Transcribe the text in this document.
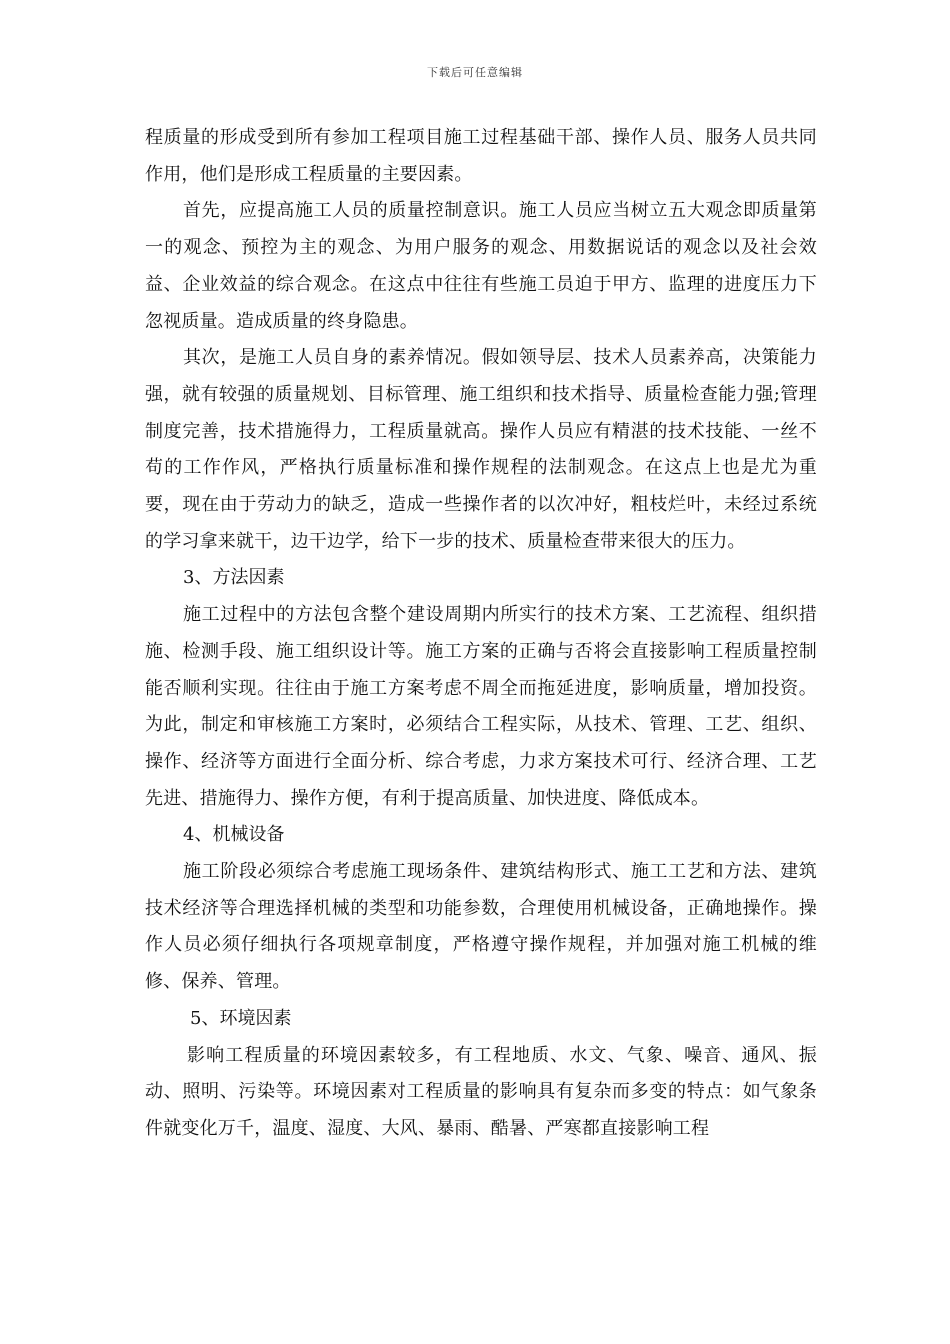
下载后可任意编辑

程质量的形成受到所有参加工程项目施工过程基础干部、操作人员、服务人员共同作用，他们是形成工程质量的主要因素。

首先，应提高施工人员的质量控制意识。施工人员应当树立五大观念即质量第一的观念、预控为主的观念、为用户服务的观念、用数据说话的观念以及社会效益、企业效益的综合观念。在这点中往往有些施工员迫于甲方、监理的进度压力下忽视质量。造成质量的终身隐患。

其次，是施工人员自身的素养情况。假如领导层、技术人员素养高，决策能力强，就有较强的质量规划、目标管理、施工组织和技术指导、质量检查能力强;管理制度完善，技术措施得力，工程质量就高。操作人员应有精湛的技术技能、一丝不苟的工作作风，严格执行质量标准和操作规程的法制观念。在这点上也是尤为重要，现在由于劳动力的缺乏，造成一些操作者的以次冲好，粗枝烂叶，未经过系统的学习拿来就干，边干边学，给下一步的技术、质量检查带来很大的压力。

3、方法因素

施工过程中的方法包含整个建设周期内所实行的技术方案、工艺流程、组织措施、检测手段、施工组织设计等。施工方案的正确与否将会直接影响工程质量控制能否顺利实现。往往由于施工方案考虑不周全而拖延进度，影响质量，增加投资。为此，制定和审核施工方案时，必须结合工程实际，从技术、管理、工艺、组织、操作、经济等方面进行全面分析、综合考虑，力求方案技术可行、经济合理、工艺先进、措施得力、操作方便，有利于提高质量、加快进度、降低成本。

4、机械设备

施工阶段必须综合考虑施工现场条件、建筑结构形式、施工工艺和方法、建筑技术经济等合理选择机械的类型和功能参数，合理使用机械设备，正确地操作。操作人员必须仔细执行各项规章制度，严格遵守操作规程，并加强对施工机械的维修、保养、管理。

5、环境因素

影响工程质量的环境因素较多，有工程地质、水文、气象、噪音、通风、振动、照明、污染等。环境因素对工程质量的影响具有复杂而多变的特点：如气象条件就变化万千，温度、湿度、大风、暴雨、酷暑、严寒都直接影响工程
